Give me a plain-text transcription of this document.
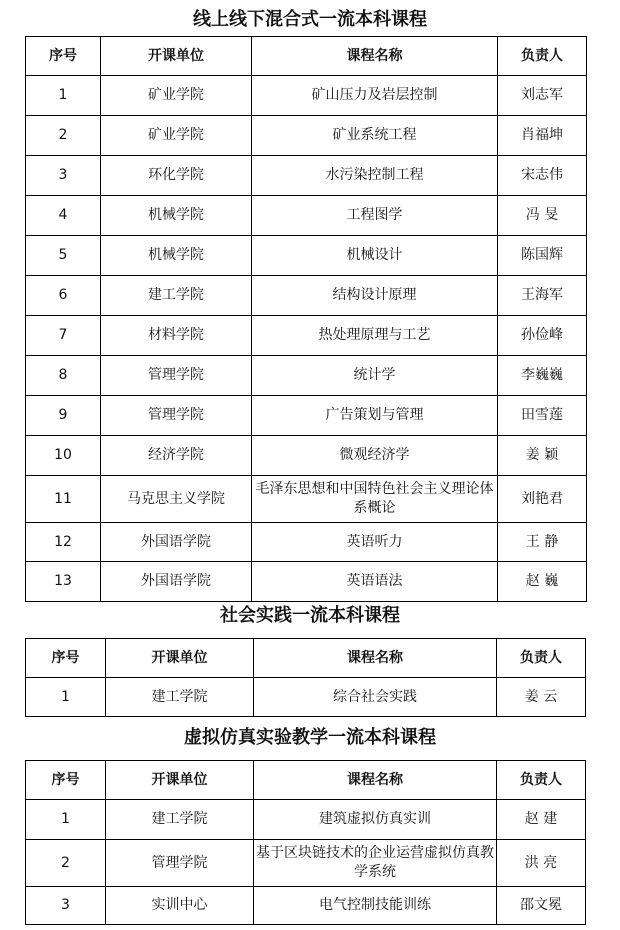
线上线下混合式一流本科课程
序号	开课单位	课程名称	负责人
1	矿业学院	矿山压力及岩层控制	刘志军
2	矿业学院	矿业系统工程	肖福坤
3	环化学院	水污染控制工程	宋志伟
4	机械学院	工程图学	冯 旻
5	机械学院	机械设计	陈国辉
6	建工学院	结构设计原理	王海军
7	材料学院	热处理原理与工艺	孙俭峰
8	管理学院	统计学	李巍巍
9	管理学院	广告策划与管理	田雪莲
10	经济学院	微观经济学	姜 颖
11	马克思主义学院	毛泽东思想和中国特色社会主义理论体系概论	刘艳君
12	外国语学院	英语听力	王 静
13	外国语学院	英语语法	赵 巍
社会实践一流本科课程
序号	开课单位	课程名称	负责人
1	建工学院	综合社会实践	姜 云
虚拟仿真实验教学一流本科课程
序号	开课单位	课程名称	负责人
1	建工学院	建筑虚拟仿真实训	赵 建
2	管理学院	基于区块链技术的企业运营虚拟仿真教学系统	洪 亮
3	实训中心	电气控制技能训练	邵文冕
